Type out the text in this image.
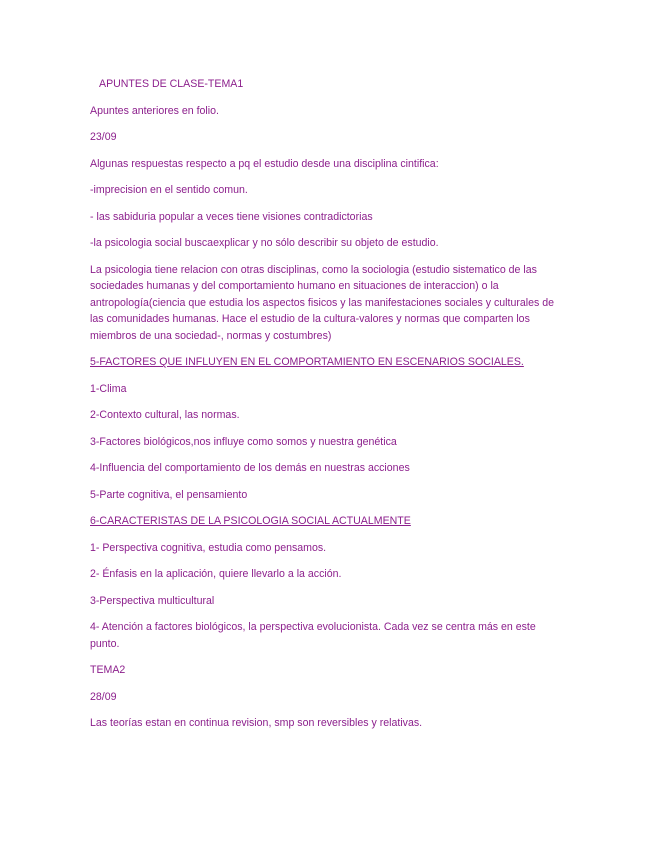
APUNTES DE CLASE-TEMA1

Apuntes anteriores en folio.

23/09

Algunas respuestas respecto a pq el estudio desde una disciplina cintifica:

-imprecision en el sentido comun.

- las sabiduria popular a veces tiene visiones contradictorias

-la psicologia social buscaexplicar y no sólo describir su objeto de estudio.

La psicologia tiene relacion con otras disciplinas, como la sociologia (estudio sistematico de las sociedades humanas y del comportamiento humano en situaciones de interaccion) o la antropología(ciencia que estudia los aspectos fisicos y las manifestaciones sociales y culturales de las comunidades humanas. Hace el estudio de la cultura-valores y normas que comparten los miembros de una sociedad-, normas y costumbres)

5-FACTORES QUE INFLUYEN EN EL COMPORTAMIENTO EN ESCENARIOS SOCIALES.

1-Clima

2-Contexto cultural, las normas.

3-Factores biológicos,nos influye como somos y nuestra genética

4-Influencia del comportamiento de los demás en nuestras acciones

5-Parte cognitiva, el pensamiento

6-CARACTERISTAS DE LA PSICOLOGIA SOCIAL ACTUALMENTE

1- Perspectiva cognitiva, estudia como pensamos.

2- Énfasis en la aplicación, quiere llevarlo a la acción.

3-Perspectiva multicultural

4- Atención a factores biológicos, la perspectiva evolucionista. Cada vez se centra más en este punto.

TEMA2

28/09

Las teorías estan en continua revision, smp son reversibles y relativas.
